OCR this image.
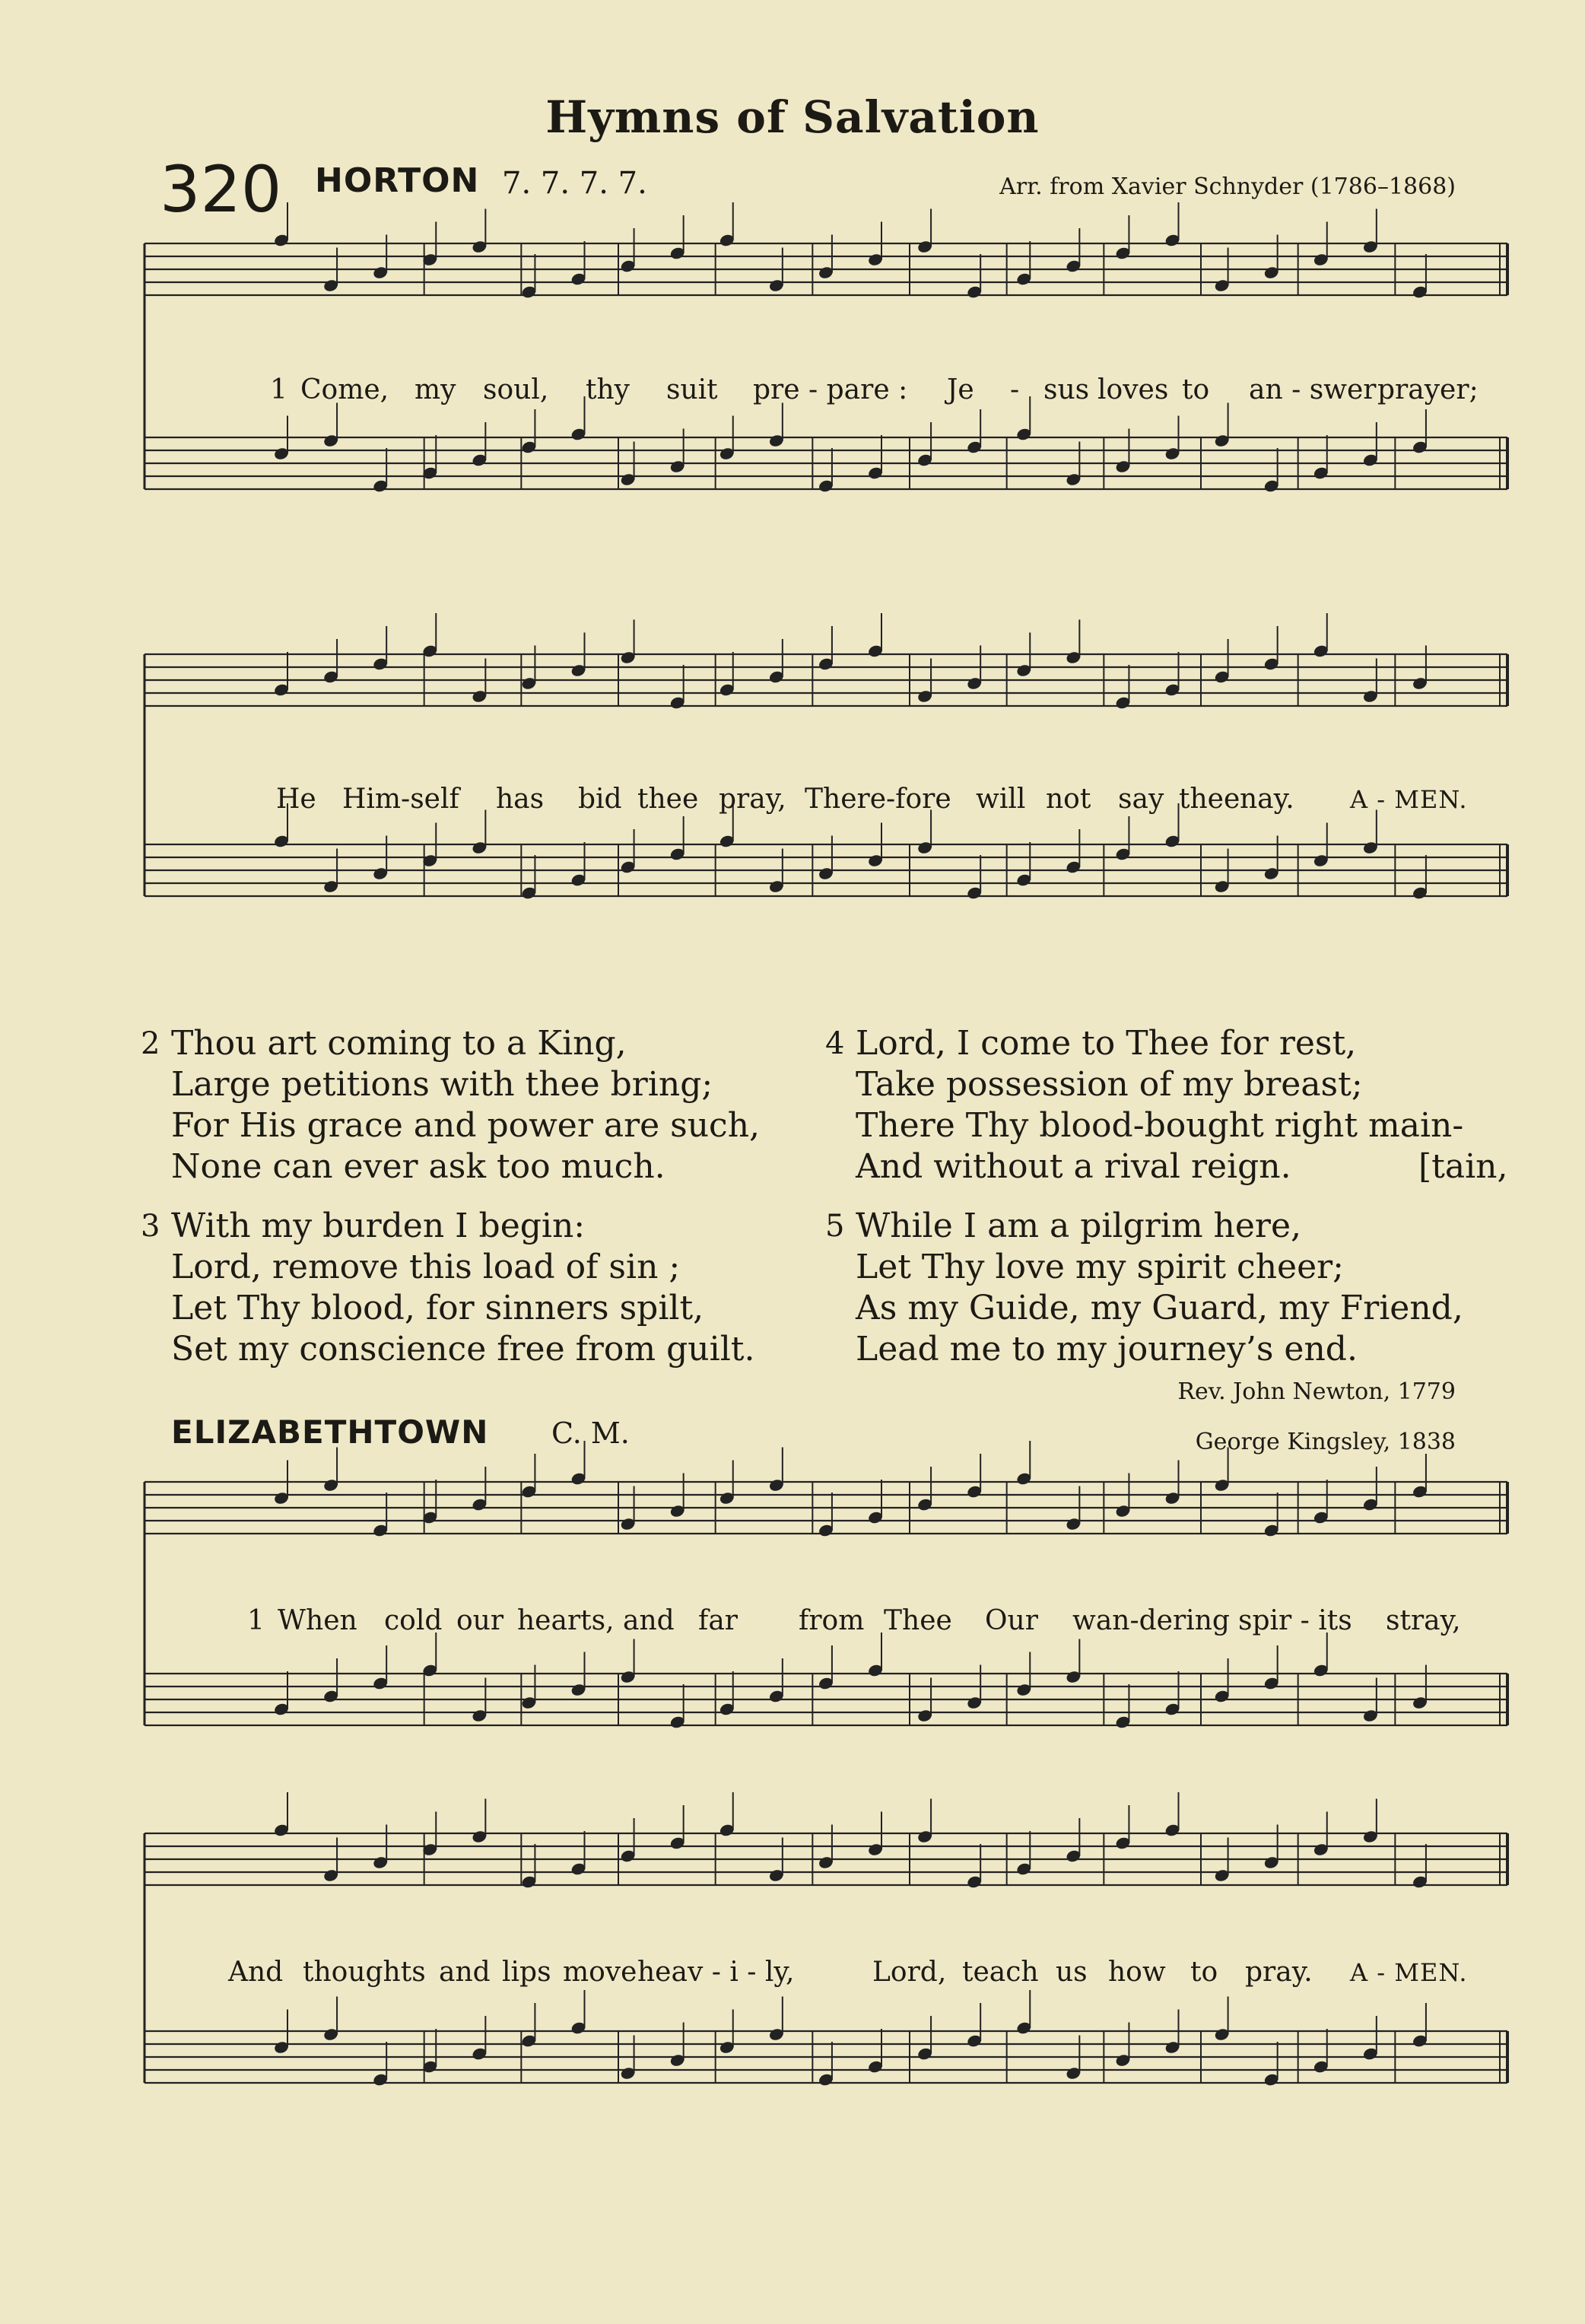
Hymns of Salvation
320 HORTON 7. 7. 7. 7.	Arr. from Xavier Schnyder (1786–1868)
1 Come, my soul, thy suit pre - pare : Je - sus loves to an - swer prayer;
He Him-self has bid thee pray, There-fore will not say thee nay. A - MEN.
2 Thou art coming to a King,
Large petitions with thee bring;
For His grace and power are such,
None can ever ask too much.
3 With my burden I begin:
Lord, remove this load of sin ;
Let Thy blood, for sinners spilt,
Set my conscience free from guilt.
4 Lord, I come to Thee for rest,
Take possession of my breast;
There Thy blood-bought right main-
And without a rival reign.	[tain,
5 While I am a pilgrim here,
Let Thy love my spirit cheer;
As my Guide, my Guard, my Friend,
Lead me to my journey’s end.
Rev. John Newton, 1779
ELIZABETHTOWN C. M.	George Kingsley, 1838
1 When cold our hearts, and far from Thee Our wan-dering spir - its stray,
And thoughts and lips move heav - i - ly,	Lord, teach us how to pray. A - MEN.
